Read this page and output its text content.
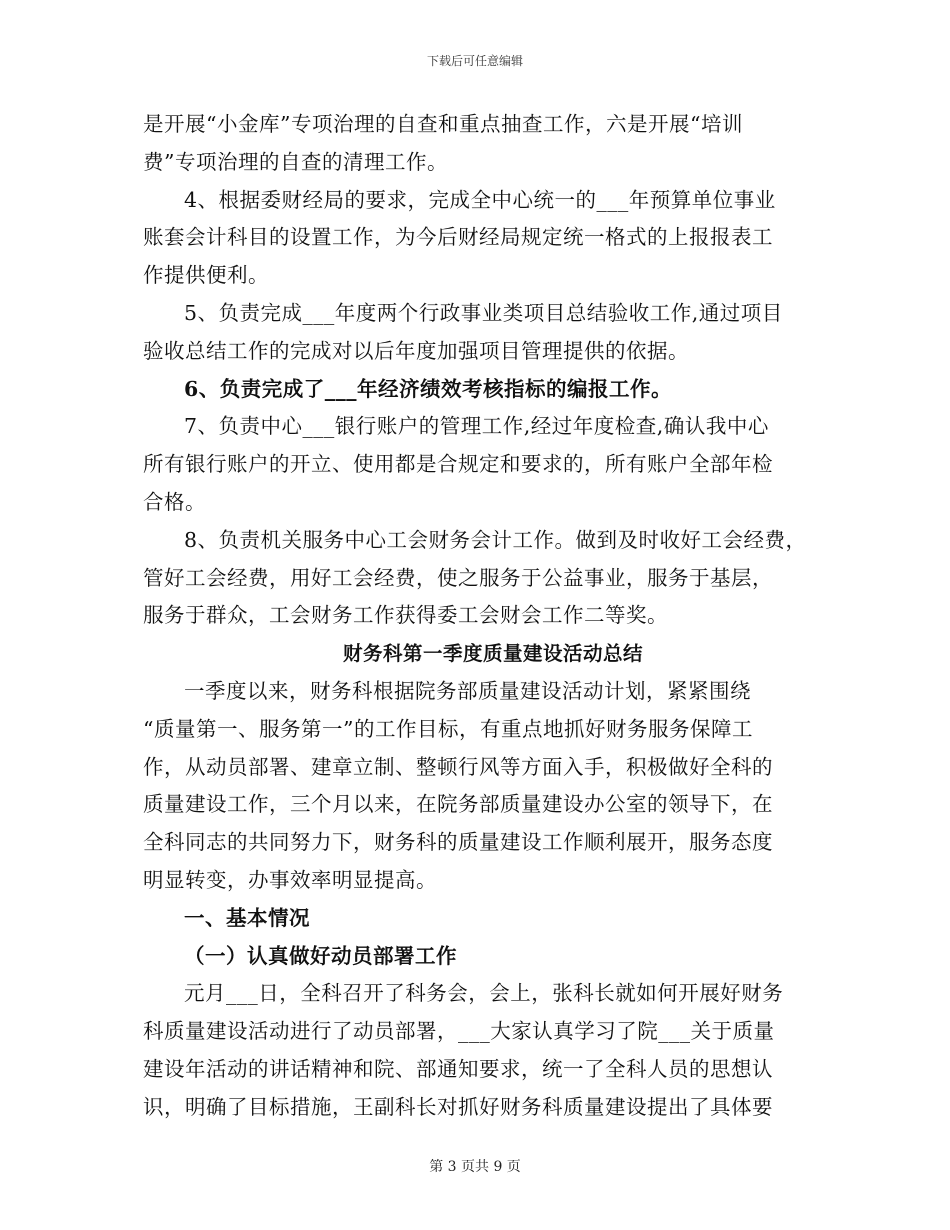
下载后可任意编辑
是开展“小金库”专项治理的自查和重点抽查工作，六是开展“培训
费”专项治理的自查的清理工作。
4、根据委财经局的要求，完成全中心统一的___年预算单位事业
账套会计科目的设置工作，为今后财经局规定统一格式的上报报表工
作提供便利。
5、负责完成___年度两个行政事业类项目总结验收工作,通过项目
验收总结工作的完成对以后年度加强项目管理提供的依据。
6、负责完成了___年经济绩效考核指标的编报工作。
7、负责中心___银行账户的管理工作,经过年度检查,确认我中心
所有银行账户的开立、使用都是合规定和要求的，所有账户全部年检
合格。
8、负责机关服务中心工会财务会计工作。做到及时收好工会经费，
管好工会经费，用好工会经费，使之服务于公益事业，服务于基层，
服务于群众，工会财务工作获得委工会财会工作二等奖。
财务科第一季度质量建设活动总结
一季度以来，财务科根据院务部质量建设活动计划，紧紧围绕
“质量第一、服务第一”的工作目标，有重点地抓好财务服务保障工
作，从动员部署、建章立制、整顿行风等方面入手，积极做好全科的
质量建设工作，三个月以来，在院务部质量建设办公室的领导下，在
全科同志的共同努力下，财务科的质量建设工作顺利展开，服务态度
明显转变，办事效率明显提高。
一、基本情况
（一）认真做好动员部署工作
元月___日，全科召开了科务会，会上，张科长就如何开展好财务
科质量建设活动进行了动员部署，___大家认真学习了院___关于质量
建设年活动的讲话精神和院、部通知要求，统一了全科人员的思想认
识，明确了目标措施，王副科长对抓好财务科质量建设提出了具体要
第 3 页共 9 页
